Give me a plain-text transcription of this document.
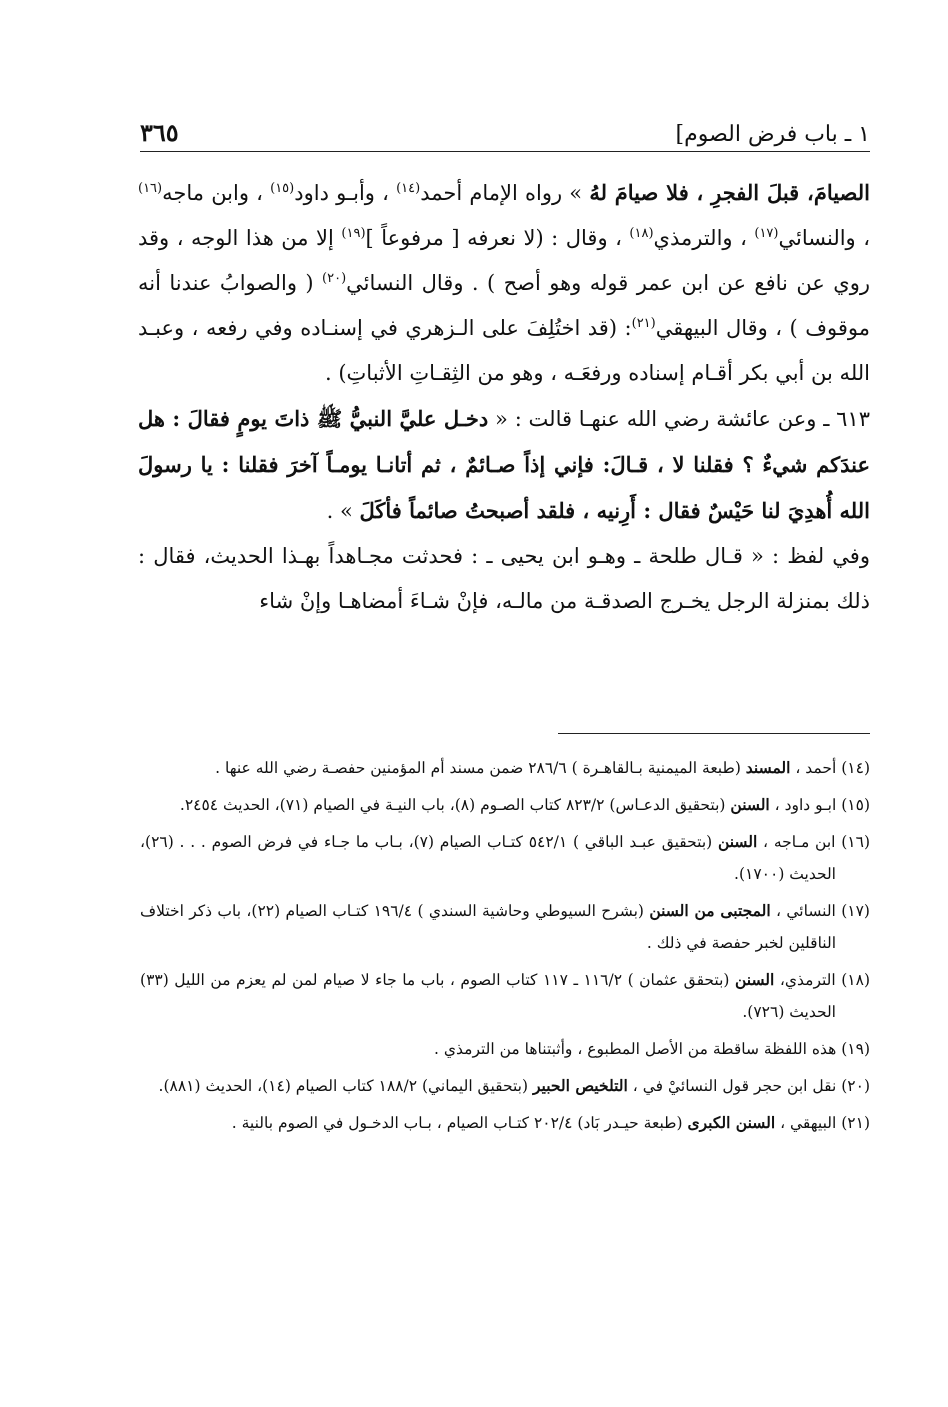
١ ـ باب فرض الصوم]
٣٦٥

الصيامَ، قبلَ الفجرِ ، فلا صيامَ لهُ » رواه الإمام أحمد$^{(١٤)}$ ، وأبـو داود$^{(١٥)}$ ، وابن ماجه$^{(١٦)}$ ، والنسائي$^{(١٧)}$ ، والترمذي$^{(١٨)}$ ، وقال : (لا نعرفه [ مرفوعاً ]$^{(١٩)}$ إلا من هذا الوجه ، وقد روي عن نافع عن ابن عمر قوله وهو أصح ) . وقال النسائي$^{(٢٠)}$ ( والصوابُ عندنا أنه موقوف ) ، وقال البيهقي$^{(٢١)}$: (قد اختُلِفَ على الـزهري في إسنـاده وفي رفعه ، وعبـد الله بن أبي بكر أقـام إسناده ورفعَـه ، وهو من الثِقـاتِ الأثباتِ) .

٦١٣ ـ وعن عائشة رضي الله عنهـا قالت : « دخـل عليَّ النبيُّ ﷺ ذاتَ يومٍ فقالَ : هل عندَكم شيءٌ ؟ فقلنا لا ، قـالَ: فإني إذاً صـائمٌ ، ثم أتانـا يومـاً آخرَ فقلنا : يا رسولَ الله أُهدِيَ لنا حَيْسٌ فقال : أَرِنيه ، فلقد أصبحتُ صائماً فأكَلَ » .

وفي لفظ : « قـال طلحة ـ وهـو ابن يحيى ـ : فحدثت مجـاهداً بهـذا الحديث، فقال : ذلك بمنزلة الرجل يخـرج الصدقـة من مالـه، فإنْ شـاءَ أمضاهـا وإنْ شاء

(١٤) أحمد ، المسند (طبعة الميمنية بـالقاهـرة ) ٢٨٦/٦ ضمن مسند أم المؤمنين حفصـة رضي الله عنها .

(١٥) ابـو داود ، السنن (بتحقيق الدعـاس) ٨٢٣/٢ كتاب الصـوم (٨)، باب النيـة في الصيام (٧١)، الحديث ٢٤٥٤.

(١٦) ابن مـاجه ، السنن (بتحقيق عبـد الباقي ) ٥٤٢/١ كتـاب الصيام (٧)، بـاب ما جـاء في فرض الصوم . . . (٢٦)، الحديث (١٧٠٠).

(١٧) النسائي ، المجتبى من السنن (بشرح السيوطي وحاشية السندي ) ١٩٦/٤ كتـاب الصيام (٢٢)، باب ذكر اختلاف الناقلين لخبر حفصة في ذلك .

(١٨) الترمذي، السنن (بتحقق عثمان ) ١١٦/٢ ـ ١١٧ كتاب الصوم ، باب ما جاء لا صيام لمن لم يعزم من الليل (٣٣) الحديث (٧٢٦).

(١٩) هذه اللفظة ساقطة من الأصل المطبوع ، وأثبتناها من الترمذي .

(٢٠) نقل ابن حجر قول النسائيْ في ، التلخيص الحبير (بتحقيق اليماني) ١٨٨/٢ كتاب الصيام (١٤)، الحديث (٨٨١).

(٢١) البيهقي ، السنن الكبرى (طبعة حيـدر بَاد) ٢٠٢/٤ كتـاب الصيام ، بـاب الدخـول في الصوم بالنية .
